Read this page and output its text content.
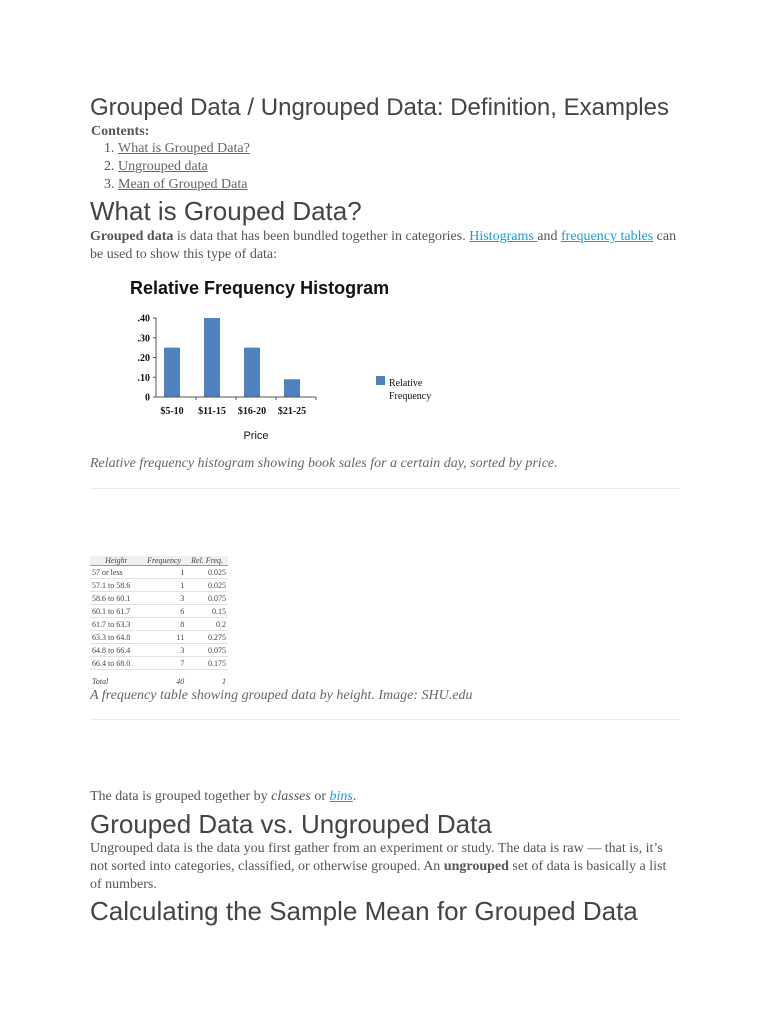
Grouped Data / Ungrouped Data: Definition, Examples
Contents:
1. What is Grouped Data?
2. Ungrouped data
3. Mean of Grouped Data
What is Grouped Data?

Grouped data is data that has been bundled together in categories. Histograms and frequency tables can be used to show this type of data:

Relative Frequency Histogram
0
.10
.20
.30
.40
$5-10 $11-15 $16-20 $21-25
Price
Relative
Frequency
Relative frequency histogram showing book sales for a certain day, sorted by price.
Height	Frequency	Rel. Freq.
57 or less	1	0.025
57.1 to 58.6	1	0.025
58.6 to 60.1	3	0.075
60.1 to 61.7	6	0.15
61.7 to 63.3	8	0.2
63.3 to 64.8	11	0.275
64.8 to 66.4	3	0.075
66.4 to 68.0	7	0.175
Total	40	1
A frequency table showing grouped data by height. Image: SHU.edu

The data is grouped together by classes or bins.

Grouped Data vs. Ungrouped Data

Ungrouped data is the data you first gather from an experiment or study. The data is raw — that is, it’s not sorted into categories, classified, or otherwise grouped. An ungrouped set of data is basically a list of numbers.

Calculating the Sample Mean for Grouped Data
